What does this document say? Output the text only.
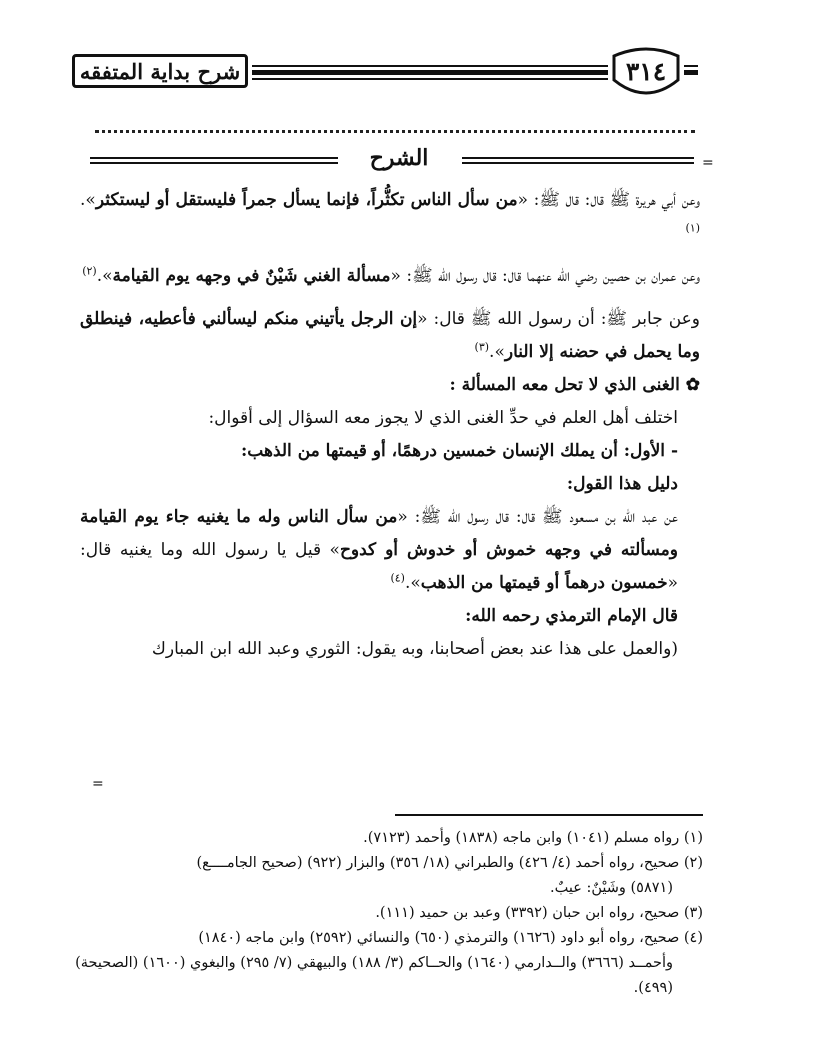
شرح بداية المتفقه	٣١٤
الشرح	=

وعن أبي هريرة ﷺ قال: قال ﷺ: «من سأل الناس تكثُّراً، فإنما يسأل جمراً فليستقل أو ليستكثر».$^{(١)}$

وعن عمران بن حصين رضي الله عنهما قال: قال رسول الله ﷺ: «مسألة الغني شَيْنٌ في وجهه يوم القيامة».$^{(٢)}$

وعن جابر ﷺ: أن رسول الله ﷺ قال: «إن الرجل يأتيني منكم ليسألني فأعطيه، فينطلق وما يحمل في حضنه إلا النار».$^{(٣)}$

✿ الغنى الذي لا تحل معه المسألة :

اختلف أهل العلم في حدِّ الغنى الذي لا يجوز معه السؤال إلى أقوال:

- الأول: أن يملك الإنسان خمسين درهمًا، أو قيمتها من الذهب:

دليل هذا القول:

عن عبد الله بن مسعود ﷺ قال: قال رسول الله ﷺ: «من سأل الناس وله ما يغنيه جاء يوم القيامة ومسألته في وجهه خموش أو خدوش أو كدوح» قيل يا رسول الله وما يغنيه قال: «خمسون درهماً أو قيمتها من الذهب».$^{(٤)}$

قال الإمام الترمذي رحمه الله:

(والعمل على هذا عند بعض أصحابنا، وبه يقول: الثوري وعبد الله ابن المبارك

=

(١) رواه مسلم (١٠٤١) وابن ماجه (١٨٣٨) وأحمد (٧١٢٣).

(٢) صحيح، رواه أحمد (٤/ ٤٢٦) والطبراني (١٨/ ٣٥٦) والبزار (٩٢٢) (صحيح الجامــــع)
(٥٨٧١) وشَيْنٌ: عيبٌ.

(٣) صحيح، رواه ابن حبان (٣٣٩٢) وعبد بن حميد (١١١).

(٤) صحيح، رواه أبو داود (١٦٢٦) والترمذي (٦٥٠) والنسائي (٢٥٩٢) وابن ماجه (١٨٤٠)
وأحمــد (٣٦٦٦) والــدارمي (١٦٤٠) والحــاكم (٣/ ١٨٨) والبيهقي (٧/ ٢٩٥) والبغوي (١٦٠٠) (الصحيحة) (٤٩٩).
